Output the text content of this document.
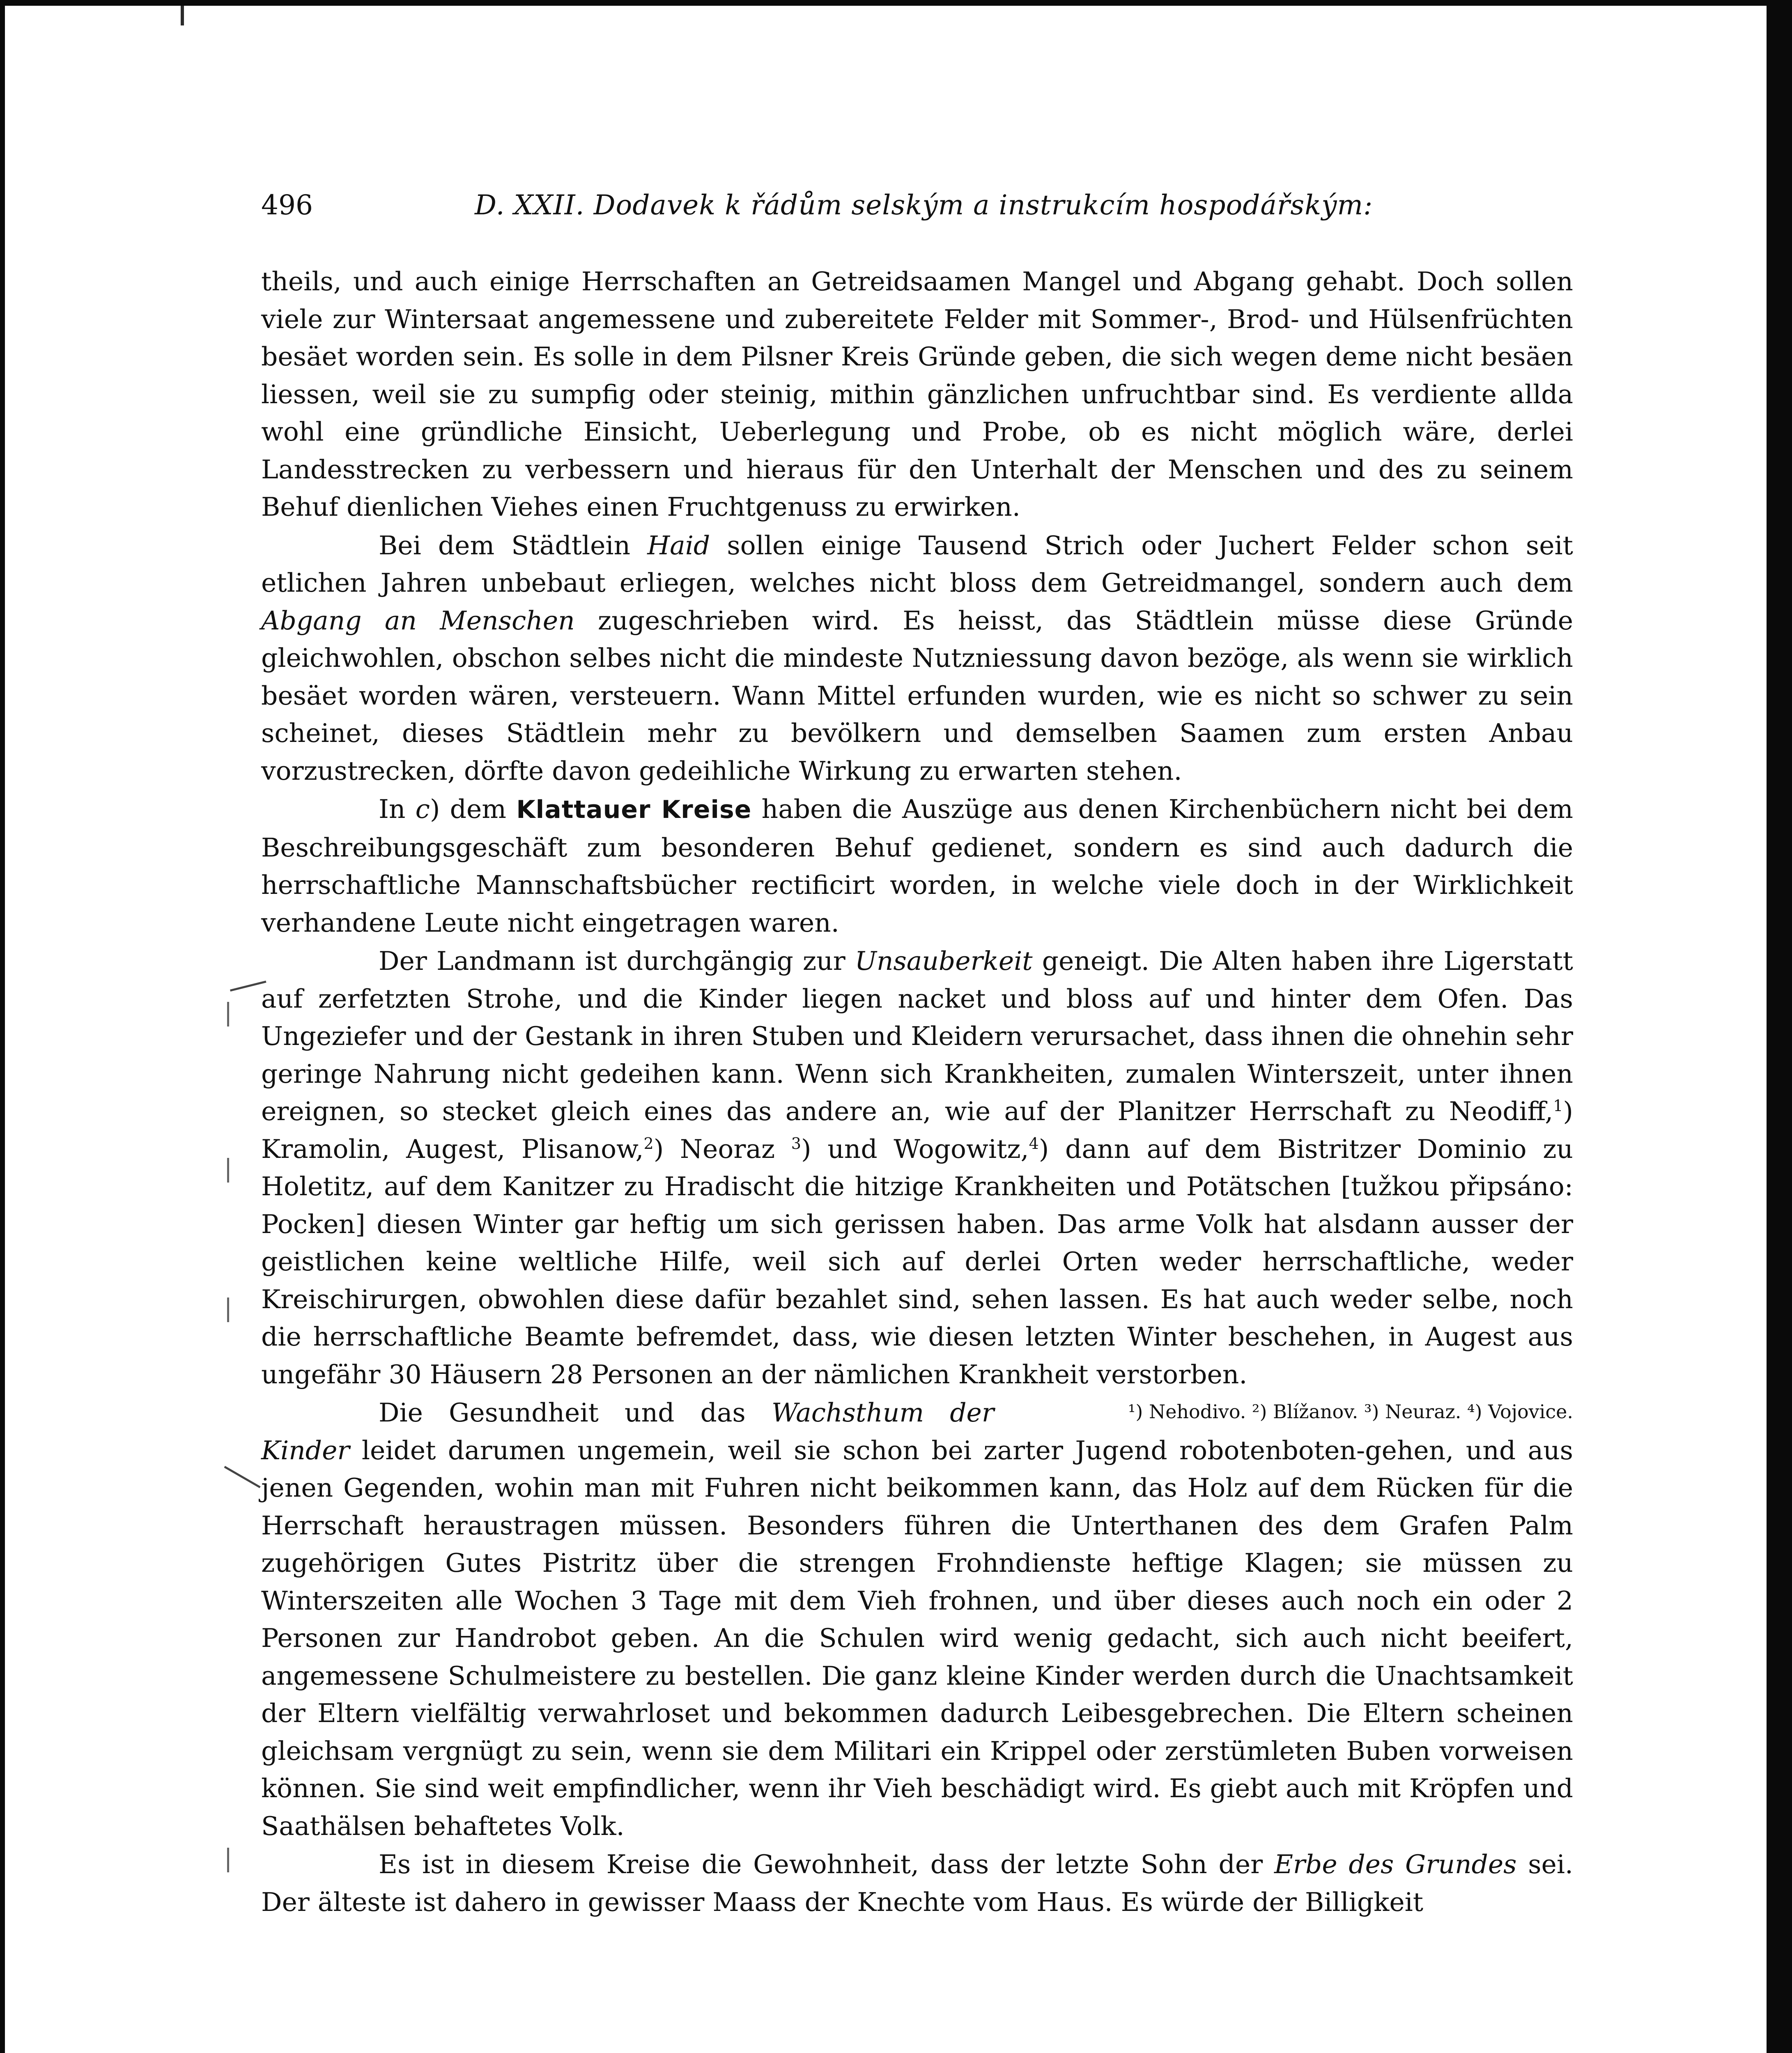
496	D. XXII. Dodavek k řádům selským a instrukcím hospodářským:

theils, und auch einige Herrschaften an Getreidsaamen Mangel und Abgang gehabt. Doch sollen viele zur Wintersaat angemessene und zubereitete Felder mit Sommer-, Brod- und Hülsenfrüchten besäet worden sein. Es solle in dem Pilsner Kreis Gründe geben, die sich wegen deme nicht besäen liessen, weil sie zu sumpfig oder steinig, mithin gänzlichen unfruchtbar sind. Es verdiente allda wohl eine gründliche Einsicht, Ueberlegung und Probe, ob es nicht möglich wäre, derlei Landesstrecken zu verbessern und hieraus für den Unterhalt der Menschen und des zu seinem Behuf dienlichen Viehes einen Fruchtgenuss zu erwirken.

Bei dem Städtlein Haid sollen einige Tausend Strich oder Juchert Felder schon seit etlichen Jahren unbebaut erliegen, welches nicht bloss dem Getreidmangel, sondern auch dem Abgang an Menschen zugeschrieben wird. Es heisst, das Städtlein müsse diese Gründe gleichwohlen, obschon selbes nicht die mindeste Nutzniessung davon bezöge, als wenn sie wirklich besäet worden wären, versteuern. Wann Mittel erfunden wurden, wie es nicht so schwer zu sein scheinet, dieses Städtlein mehr zu bevölkern und demselben Saamen zum ersten Anbau vorzustrecken, dörfte davon gedeihliche Wirkung zu erwarten stehen.

In c) dem Klattauer Kreise haben die Auszüge aus denen Kirchenbüchern nicht bei dem Beschreibungsgeschäft zum besonderen Behuf gedienet, sondern es sind auch dadurch die herrschaftliche Mannschaftsbücher rectificirt worden, in welche viele doch in der Wirklichkeit verhandene Leute nicht eingetragen waren.

Der Landmann ist durchgängig zur Unsauberkeit geneigt. Die Alten haben ihre Ligerstatt auf zerfetzten Strohe, und die Kinder liegen nacket und bloss auf und hinter dem Ofen. Das Ungeziefer und der Gestank in ihren Stuben und Kleidern verursachet, dass ihnen die ohnehin sehr geringe Nahrung nicht gedeihen kann. Wenn sich Krankheiten, zumalen Winterszeit, unter ihnen ereignen, so stecket gleich eines das andere an, wie auf der Planitzer Herrschaft zu Neodiff,$^1$) Kramolin, Augest, Plisanow,$^2$) Neoraz $^3$) und Wogowitz,$^4$) dann auf dem Bistritzer Dominio zu Holetitz, auf dem Kanitzer zu Hradischt die hitzige Krankheiten und Potätschen [tužkou připsáno: Pocken] diesen Winter gar heftig um sich gerissen haben. Das arme Volk hat alsdann ausser der geistlichen keine weltliche Hilfe, weil sich auf derlei Orten weder herrschaftliche, weder Kreischirurgen, obwohlen diese dafür bezahlet sind, sehen lassen. Es hat auch weder selbe, noch die herrschaftliche Beamte befremdet, dass, wie diesen letzten Winter beschehen, in Augest aus ungefähr 30 Häusern 28 Personen an der nämlichen Krankheit verstorben.
¹) Nehodivo. ²) Blížanov. ³) Neuraz. ⁴) Vojovice.

Die Gesundheit und das Wachsthum der Kinder leidet darumen ungemein, weil sie schon bei zarter Jugend robotenboten-gehen, und aus jenen Gegenden, wohin man mit Fuhren nicht beikommen kann, das Holz auf dem Rücken für die Herrschaft heraustragen müssen. Besonders führen die Unterthanen des dem Grafen Palm zugehörigen Gutes Pistritz über die strengen Frohndienste heftige Klagen; sie müssen zu Winterszeiten alle Wochen 3 Tage mit dem Vieh frohnen, und über dieses auch noch ein oder 2 Personen zur Handrobot geben. An die Schulen wird wenig gedacht, sich auch nicht beeifert, angemessene Schulmeistere zu bestellen. Die ganz kleine Kinder werden durch die Unachtsamkeit der Eltern vielfältig verwahrloset und bekommen dadurch Leibesgebrechen. Die Eltern scheinen gleichsam vergnügt zu sein, wenn sie dem Militari ein Krippel oder zerstümleten Buben vorweisen können. Sie sind weit empfindlicher, wenn ihr Vieh beschädigt wird. Es giebt auch mit Kröpfen und Saathälsen behaftetes Volk.

Es ist in diesem Kreise die Gewohnheit, dass der letzte Sohn der Erbe des Grundes sei. Der älteste ist dahero in gewisser Maass der Knechte vom Haus. Es würde der Billigkeit
